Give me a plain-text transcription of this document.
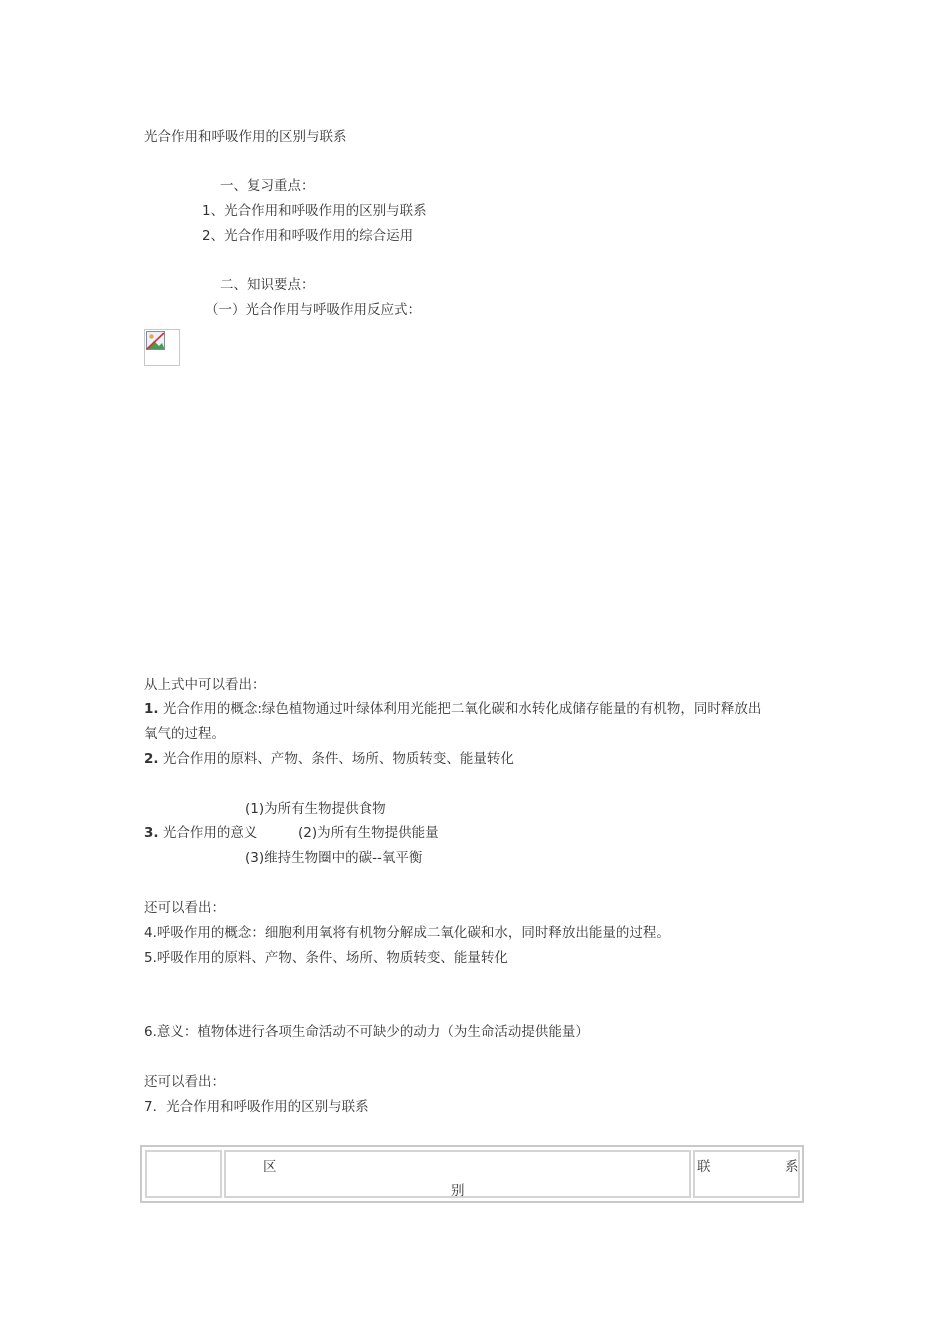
光合作用和呼吸作用的区别与联系
一、复习重点：
1、光合作用和呼吸作用的区别与联系
2、光合作用和呼吸作用的综合运用
二、知识要点：
（一）光合作用与呼吸作用反应式：
从上式中可以看出：
1. 光合作用的概念:绿色植物通过叶绿体利用光能把二氧化碳和水转化成储存能量的有机物，同时释放出
氧气的过程。
2. 光合作用的原料、产物、条件、场所、物质转变、能量转化
(1)为所有生物提供食物
3. 光合作用的意义	(2)为所有生物提供能量
(3)维持生物圈中的碳--氧平衡
还可以看出：
4.呼吸作用的概念：细胞利用氧将有机物分解成二氧化碳和水，同时释放出能量的过程。
5.呼吸作用的原料、产物、条件、场所、物质转变、能量转化
6.意义：植物体进行各项生命活动不可缺少的动力（为生命活动提供能量）
还可以看出：
7．光合作用和呼吸作用的区别与联系
区
别
联	系
